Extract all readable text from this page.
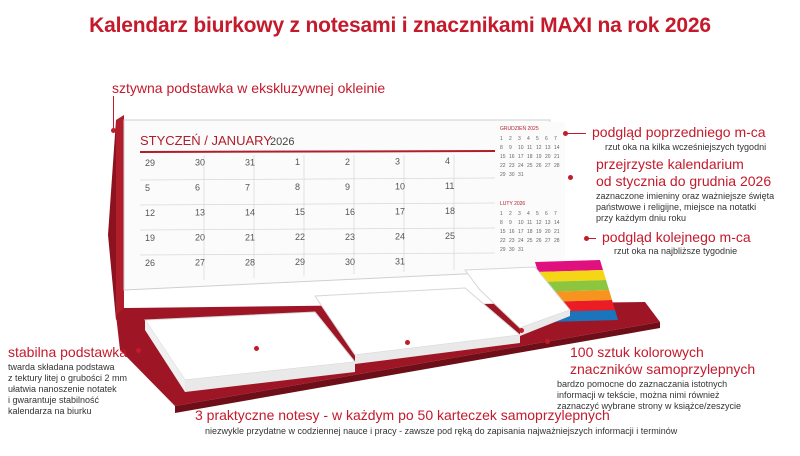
Kalendarz biurkowy z notesami i znacznikami MAXI na rok 2026
STYCZEŃ / JANUARY
2026
29
5
12
19
26
30
6
13
20
27
31
7
14
21
28
1
8
15
22
29
2
9
16
23
30
3
10
17
24
31
4
11
18
25
GRUDZIEŃ 2025
1 2 3 4 5 6 7
8 9 10 11 12 13 14
15 16 17 18 19 20 21
22 23 24 25 26 27 28
29 30 31
LUTY 2026
1 2 3 4 5 6 7
8 9 10 11 12 13 14
15 16 17 18 19 20 21
22 23 24 25 26 27 28
29 30 31
sztywna podstawka w ekskluzywnej okleinie
podgląd poprzedniego m-ca
rzut oka na kilka wcześniejszych tygodni
przejrzyste kalendarium
od stycznia do grudnia 2026
zaznaczone imieniny oraz ważniejsze święta
państwowe i religijne, miejsce na notatki
przy każdym dniu roku
podgląd kolejnego m-ca
rzut oka na najbliższe tygodnie
stabilna podstawka
twarda składana podstawa
z tektury litej o grubości 2 mm
ułatwia nanoszenie notatek
i gwarantuje stabilność
kalendarza na biurku
100 sztuk kolorowych
znaczników samoprzylepnych
bardzo pomocne do zaznaczania istotnych
informacji w tekście, można nimi również
zaznaczyć wybrane strony w książce/zeszycie
3 praktyczne notesy - w każdym po 50 karteczek samoprzylepnych
niezwykle przydatne w codziennej nauce i pracy - zawsze pod ręką do zapisania najważniejszych informacji i terminów
